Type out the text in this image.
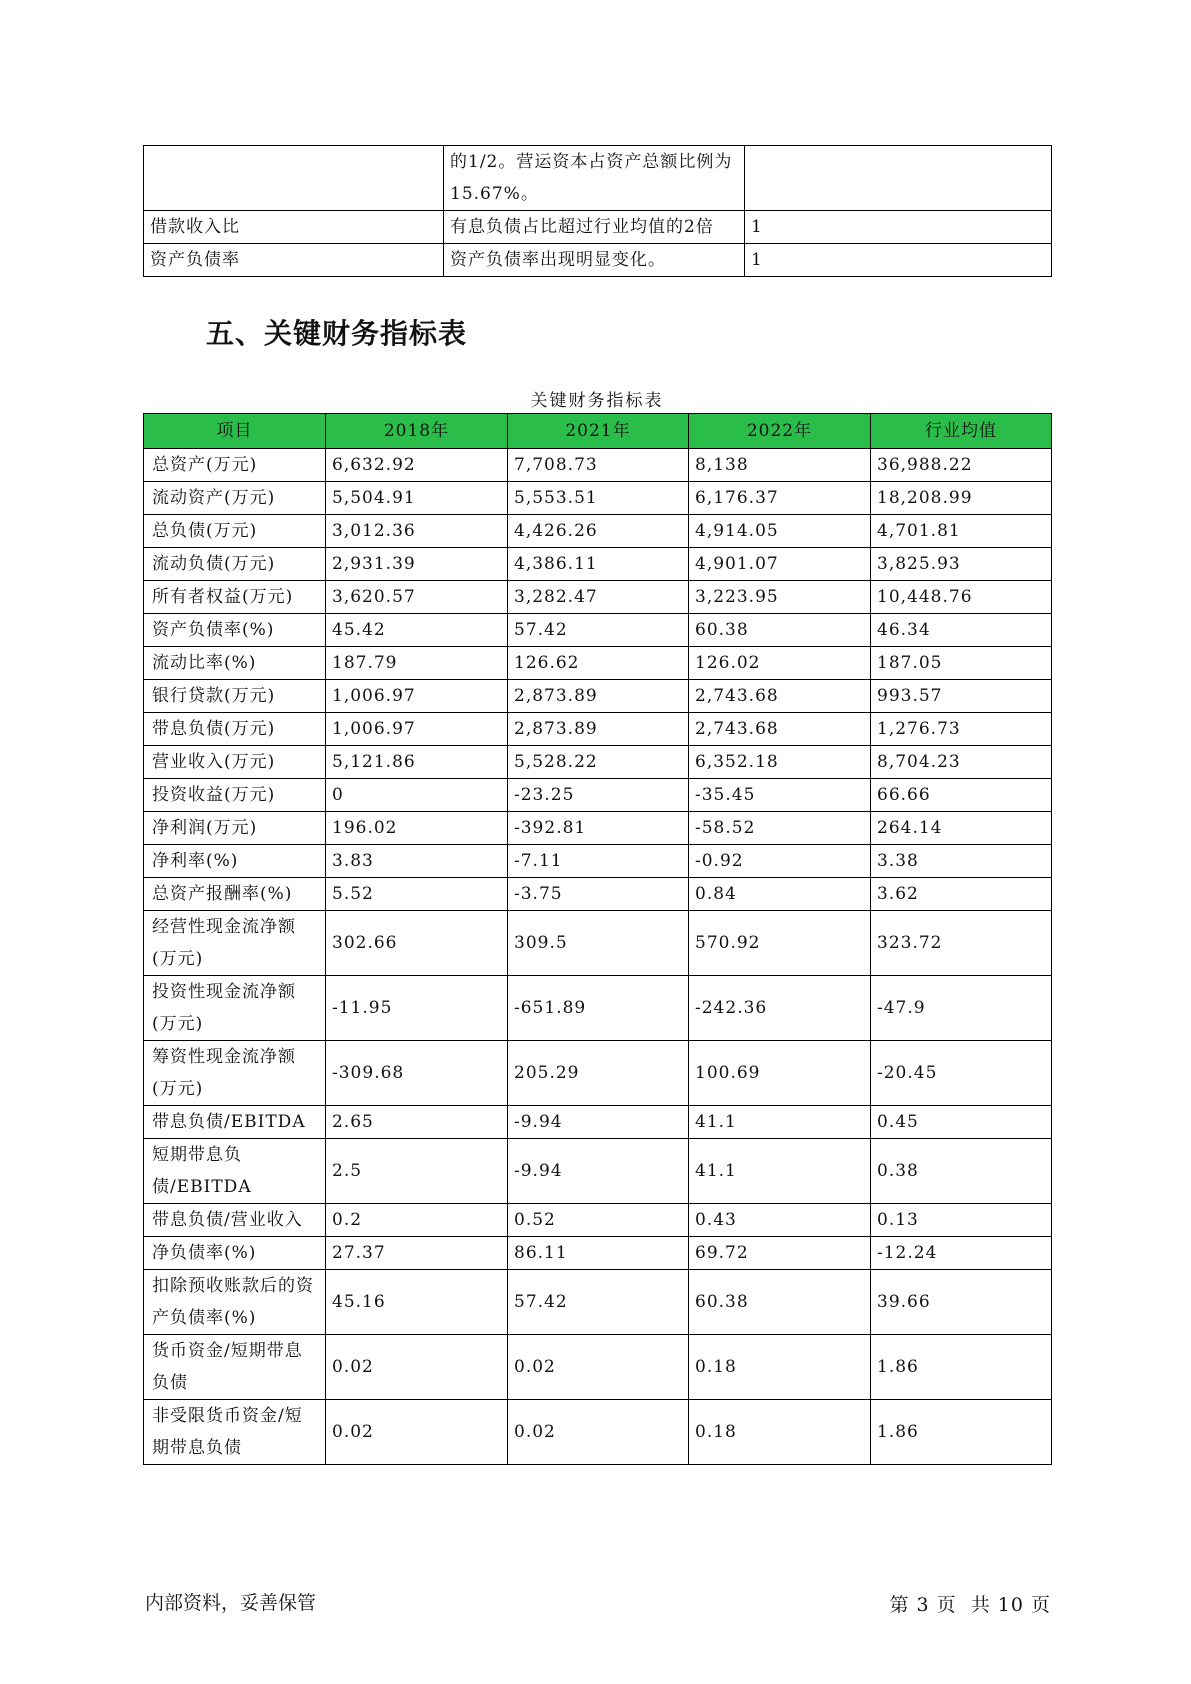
	的1/2。营运资本占资产总额比例为15.67%。	
借款收入比	有息负债占比超过行业均值的2倍	1
资产负债率	资产负债率出现明显变化。	1
五、关键财务指标表
关键财务指标表
项目	2018年	2021年	2022年	行业均值
总资产(万元)	6,632.92	7,708.73	8,138	36,988.22
流动资产(万元)	5,504.91	5,553.51	6,176.37	18,208.99
总负债(万元)	3,012.36	4,426.26	4,914.05	4,701.81
流动负债(万元)	2,931.39	4,386.11	4,901.07	3,825.93
所有者权益(万元)	3,620.57	3,282.47	3,223.95	10,448.76
资产负债率(%)	45.42	57.42	60.38	46.34
流动比率(%)	187.79	126.62	126.02	187.05
银行贷款(万元)	1,006.97	2,873.89	2,743.68	993.57
带息负债(万元)	1,006.97	2,873.89	2,743.68	1,276.73
营业收入(万元)	5,121.86	5,528.22	6,352.18	8,704.23
投资收益(万元)	0	-23.25	-35.45	66.66
净利润(万元)	196.02	-392.81	-58.52	264.14
净利率(%)	3.83	-7.11	-0.92	3.38
总资产报酬率(%)	5.52	-3.75	0.84	3.62
经营性现金流净额(万元)	302.66	309.5	570.92	323.72
投资性现金流净额(万元)	-11.95	-651.89	-242.36	-47.9
筹资性现金流净额(万元)	-309.68	205.29	100.69	-20.45
带息负债/EBITDA	2.65	-9.94	41.1	0.45
短期带息负债/EBITDA	2.5	-9.94	41.1	0.38
带息负债/营业收入	0.2	0.52	0.43	0.13
净负债率(%)	27.37	86.11	69.72	-12.24
扣除预收账款后的资产负债率(%)	45.16	57.42	60.38	39.66
货币资金/短期带息负债	0.02	0.02	0.18	1.86
非受限货币资金/短期带息负债	0.02	0.02	0.18	1.86
内部资料，妥善保管	第 3 页  共 10 页
